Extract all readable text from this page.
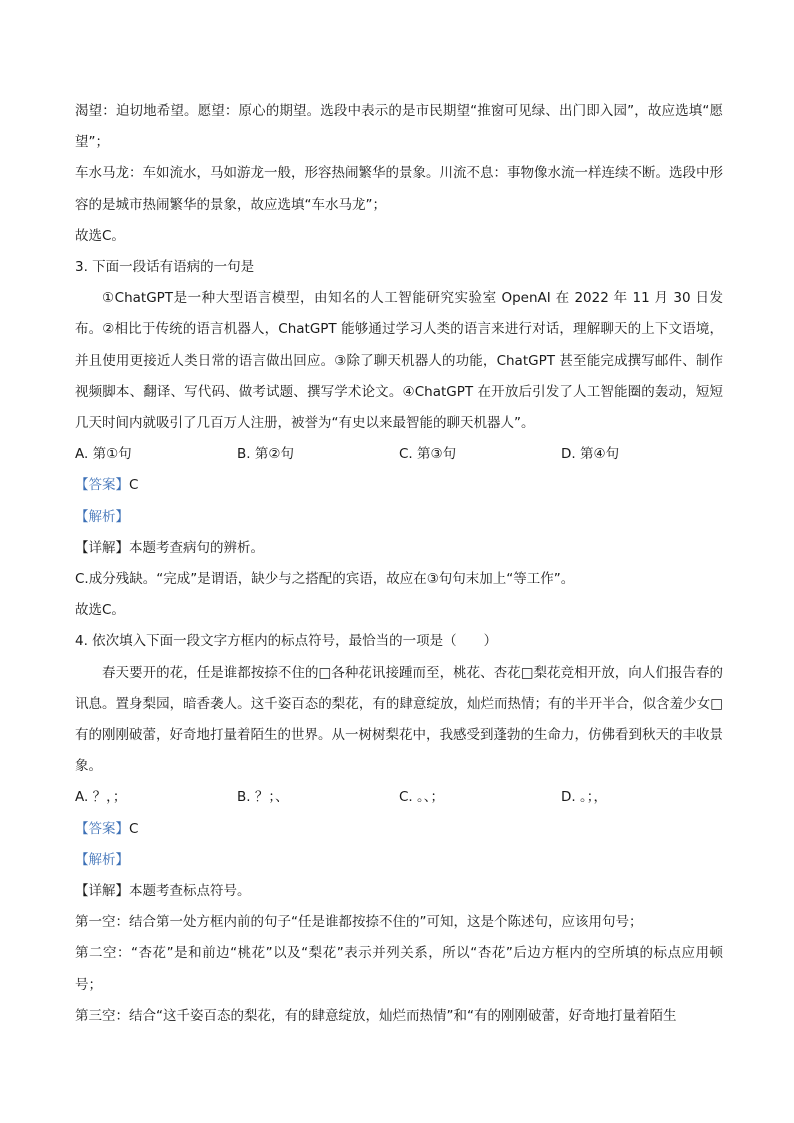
渴望：迫切地希望。愿望：原心的期望。选段中表示的是市民期望“推窗可见绿、出门即入园”，故应选填“愿望”；

车水马龙：车如流水，马如游龙一般，形容热闹繁华的景象。川流不息：事物像水流一样连续不断。选段中形容的是城市热闹繁华的景象，故应选填“车水马龙”；

故选C。

3. 下面一段话有语病的一句是

①ChatGPT是一种大型语言模型，由知名的人工智能研究实验室 OpenAI 在 2022 年 11 月 30 日发布。②相比于传统的语言机器人，ChatGPT 能够通过学习人类的语言来进行对话，理解聊天的上下文语境，并且使用更接近人类日常的语言做出回应。③除了聊天机器人的功能，ChatGPT 甚至能完成撰写邮件、制作视频脚本、翻译、写代码、做考试题、撰写学术论文。④ChatGPT 在开放后引发了人工智能圈的轰动，短短几天时间内就吸引了几百万人注册，被誉为“有史以来最智能的聊天机器人”。

A. 第①句	B. 第②句	C. 第③句	D. 第④句

【答案】C

【解析】

【详解】本题考查病句的辨析。

C.成分残缺。“完成”是谓语，缺少与之搭配的宾语，故应在③句句末加上“等工作”。

故选C。

4. 依次填入下面一段文字方框内的标点符号，最恰当的一项是（　　）

春天要开的花，任是谁都按捺不住的□各种花讯接踵而至，桃花、杏花□梨花竞相开放，向人们报告春的讯息。置身梨园，暗香袭人。这千姿百态的梨花，有的肆意绽放，灿烂而热情；有的半开半合，似含羞少女□有的刚刚破蕾，好奇地打量着陌生的世界。从一树树梨花中，我感受到蓬勃的生命力，仿佛看到秋天的丰收景象。

A. ？，；	B. ？；、	C. 。、；	D. 。；，

【答案】C

【解析】

【详解】本题考查标点符号。

第一空：结合第一处方框内前的句子“任是谁都按捺不住的”可知，这是个陈述句，应该用句号；

第二空：“杏花”是和前边“桃花”以及“梨花”表示并列关系，所以“杏花”后边方框内的空所填的标点应用顿号；

第三空：结合“这千姿百态的梨花，有的肆意绽放，灿烂而热情”和“有的刚刚破蕾，好奇地打量着陌生
